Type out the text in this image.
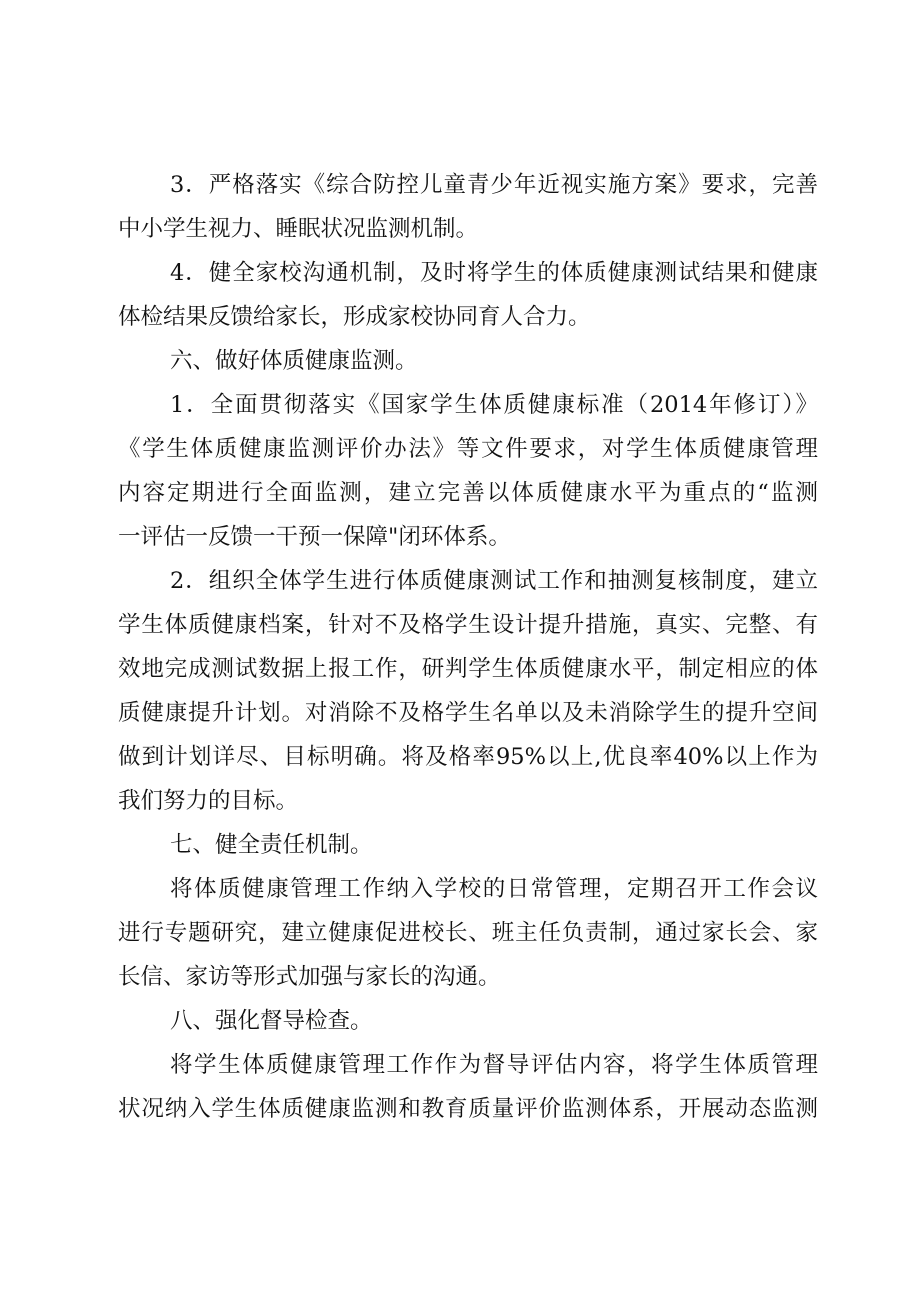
3．严格落实《综合防控儿童青少年近视实施方案》要求，完善
中小学生视力、睡眠状况监测机制。
4．健全家校沟通机制，及时将学生的体质健康测试结果和健康
体检结果反馈给家长，形成家校协同育人合力。
六、做好体质健康监测。
1．全面贯彻落实《国家学生体质健康标准（2014年修订）》
《学生体质健康监测评价办法》等文件要求，对学生体质健康管理
内容定期进行全面监测，建立完善以体质健康水平为重点的“监测
一评估一反馈一干预一保障"闭环体系。
2．组织全体学生进行体质健康测试工作和抽测复核制度，建立
学生体质健康档案，针对不及格学生设计提升措施，真实、完整、有
效地完成测试数据上报工作，研判学生体质健康水平，制定相应的体
质健康提升计划。对消除不及格学生名单以及未消除学生的提升空间
做到计划详尽、目标明确。将及格率95%以上,优良率40%以上作为
我们努力的目标。
七、健全责任机制。
将体质健康管理工作纳入学校的日常管理，定期召开工作会议
进行专题研究，建立健康促进校长、班主任负责制，通过家长会、家
长信、家访等形式加强与家长的沟通。
八、强化督导检查。
将学生体质健康管理工作作为督导评估内容，将学生体质管理
状况纳入学生体质健康监测和教育质量评价监测体系，开展动态监测
